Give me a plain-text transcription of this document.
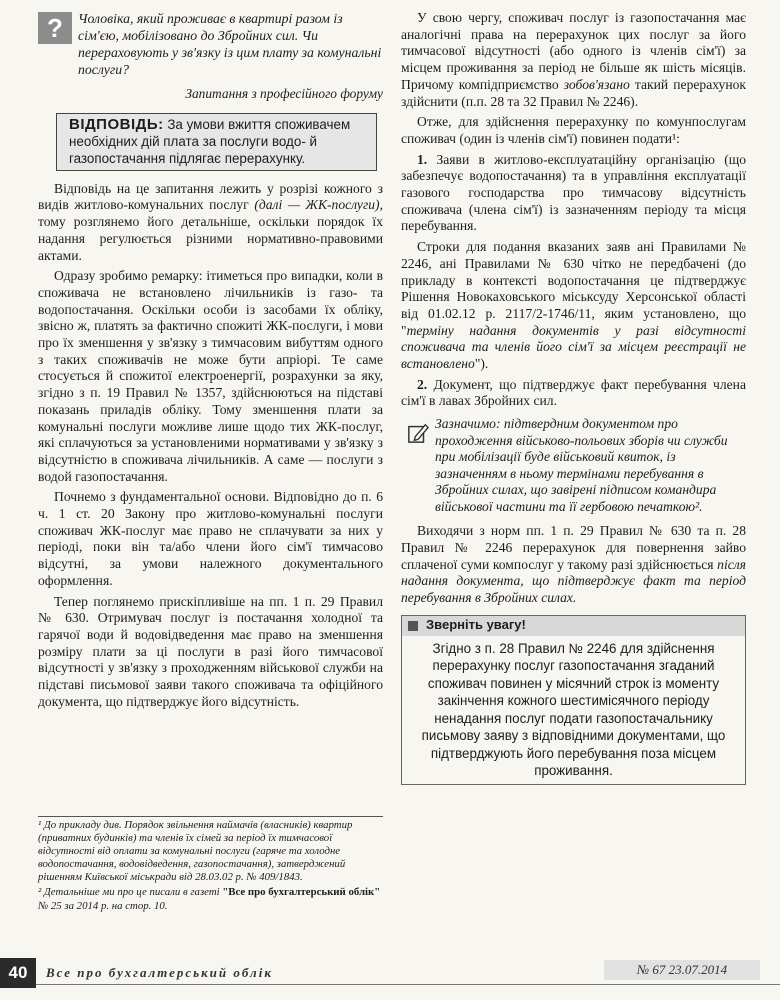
?	Чоловіка, який проживає в квартирі разом із сім'єю, мобілізовано до Збройних сил. Чи перераховують у зв'язку із цим плату за комунальні послуги?
Запитання з професійного форуму
ВІДПОВІДЬ: За умови вжиття споживачем необхідних дій плата за послуги водо- й газопостачання підлягає перерахунку.

Відповідь на це запитання лежить у розрізі кожного з видів житлово-комунальних послуг (далі — ЖК-послуги), тому розглянемо його детальніше, оскільки порядок їх надання регулюється різними нормативно-правовими актами.

Одразу зробимо ремарку: ітиметься про випадки, коли в споживача не встановлено лічильників із газо- та водопостачання. Оскільки особи із засобами їх обліку, звісно ж, платять за фактично спожиті ЖК-послуги, і мови про їх зменшення у зв'язку з тимчасовим вибуттям одного з таких споживачів не може бути апріорі. Те саме стосується й спожитої електроенергії, розрахунки за яку, згідно з п. 19 Правил № 1357, здійснюються на підставі показань приладів обліку. Тому зменшення плати за комунальні послуги можливе лише щодо тих ЖК-послуг, які сплачуються за установленими нормативами у зв'язку з відсутністю в споживача лічильників. А саме — послуги з водой газопостачання.

Почнемо з фундаментальної основи. Відповідно до п. 6 ч. 1 ст. 20 Закону про житлово-комунальні послуги споживач ЖК-послуг має право не сплачувати за них у періоді, поки він та/або члени його сім'ї тимчасово відсутні, за умови належного документального оформлення.

Тепер поглянемо прискіпливіше на пп. 1 п. 29 Правил № 630. Отримувач послуг із постачання холодної та гарячої води й водовідведення має право на зменшення розміру плати за ці послуги в разі його тимчасової відсутності у зв'язку з проходженням військової служби на підставі письмової заяви такого споживача та офіційного документа, що підтверджує його відсутність.

¹ До прикладу див. Порядок звільнення наймачів (власників) квартир (приватних будинків) та членів їх сімей за період їх тимчасової відсутності від оплати за комунальні послуги (гаряче та холодне водопостачання, водовідведення, газопостачання), затверджений рішенням Київської міськради від 28.03.02 р. № 409/1843.

² Детальніше ми про це писали в газеті "Все про бухгалтерський облік" № 25 за 2014 р. на стор. 10.

У свою чергу, споживач послуг із газопостачання має аналогічні права на перерахунок цих послуг за його тимчасової відсутності (або одного із членів сім'ї) за місцем проживання за період не більше як шість місяців. Причому компідприємство зобов'язано такий перерахунок здійснити (п.п. 28 та 32 Правил № 2246).

Отже, для здійснення перерахунку по комунпослугам споживач (один із членів сім'ї) повинен подати¹:

1. Заяви в житлово-експлуатаційну організацію (що забезпечує водопостачання) та в управління експлуатації газового господарства про тимчасову відсутність споживача (члена сім'ї) із зазначенням періоду та місця перебування.

Строки для подання вказаних заяв ані Правилами № 2246, ані Правилами № 630 чітко не передбачені (до прикладу в контексті водопостачання це підтверджує Рішення Новокаховського міськсуду Херсонської області від 01.02.12 р. 2117/2-1746/11, яким установлено, що "терміну надання документів у разі відсутності споживача та членів його сім'ї за місцем реєстрації не встановлено").

2. Документ, що підтверджує факт перебування члена сім'ї в лавах Збройних сил.

Зазначимо: підтвердним документом про проходження військово-польових зборів чи служби при мобілізації буде військовий квиток, із зазначенням в ньому термінами перебування в Збройних силах, що завірені підписом командира військової частини та її гербовою печаткою².

Виходячи з норм пп. 1 п. 29 Правил № 630 та п. 28 Правил № 2246 перерахунок для повернення зайво сплаченої суми компослуг у такому разі здійснюється після надання документа, що підтверджує факт та період перебування в Збройних силах.

Зверніть увагу!
Згідно з п. 28 Правил № 2246 для здійснення перерахунку послуг газопостачання згаданий споживач повинен у місячний строк із моменту закінчення кожного шестимісячного періоду ненадання послуг подати газопостачальнику письмову заяву з відповідними документами, що підтверджують його перебування поза місцем проживання.
40	Все про бухгалтерський облік	№ 67 23.07.2014
